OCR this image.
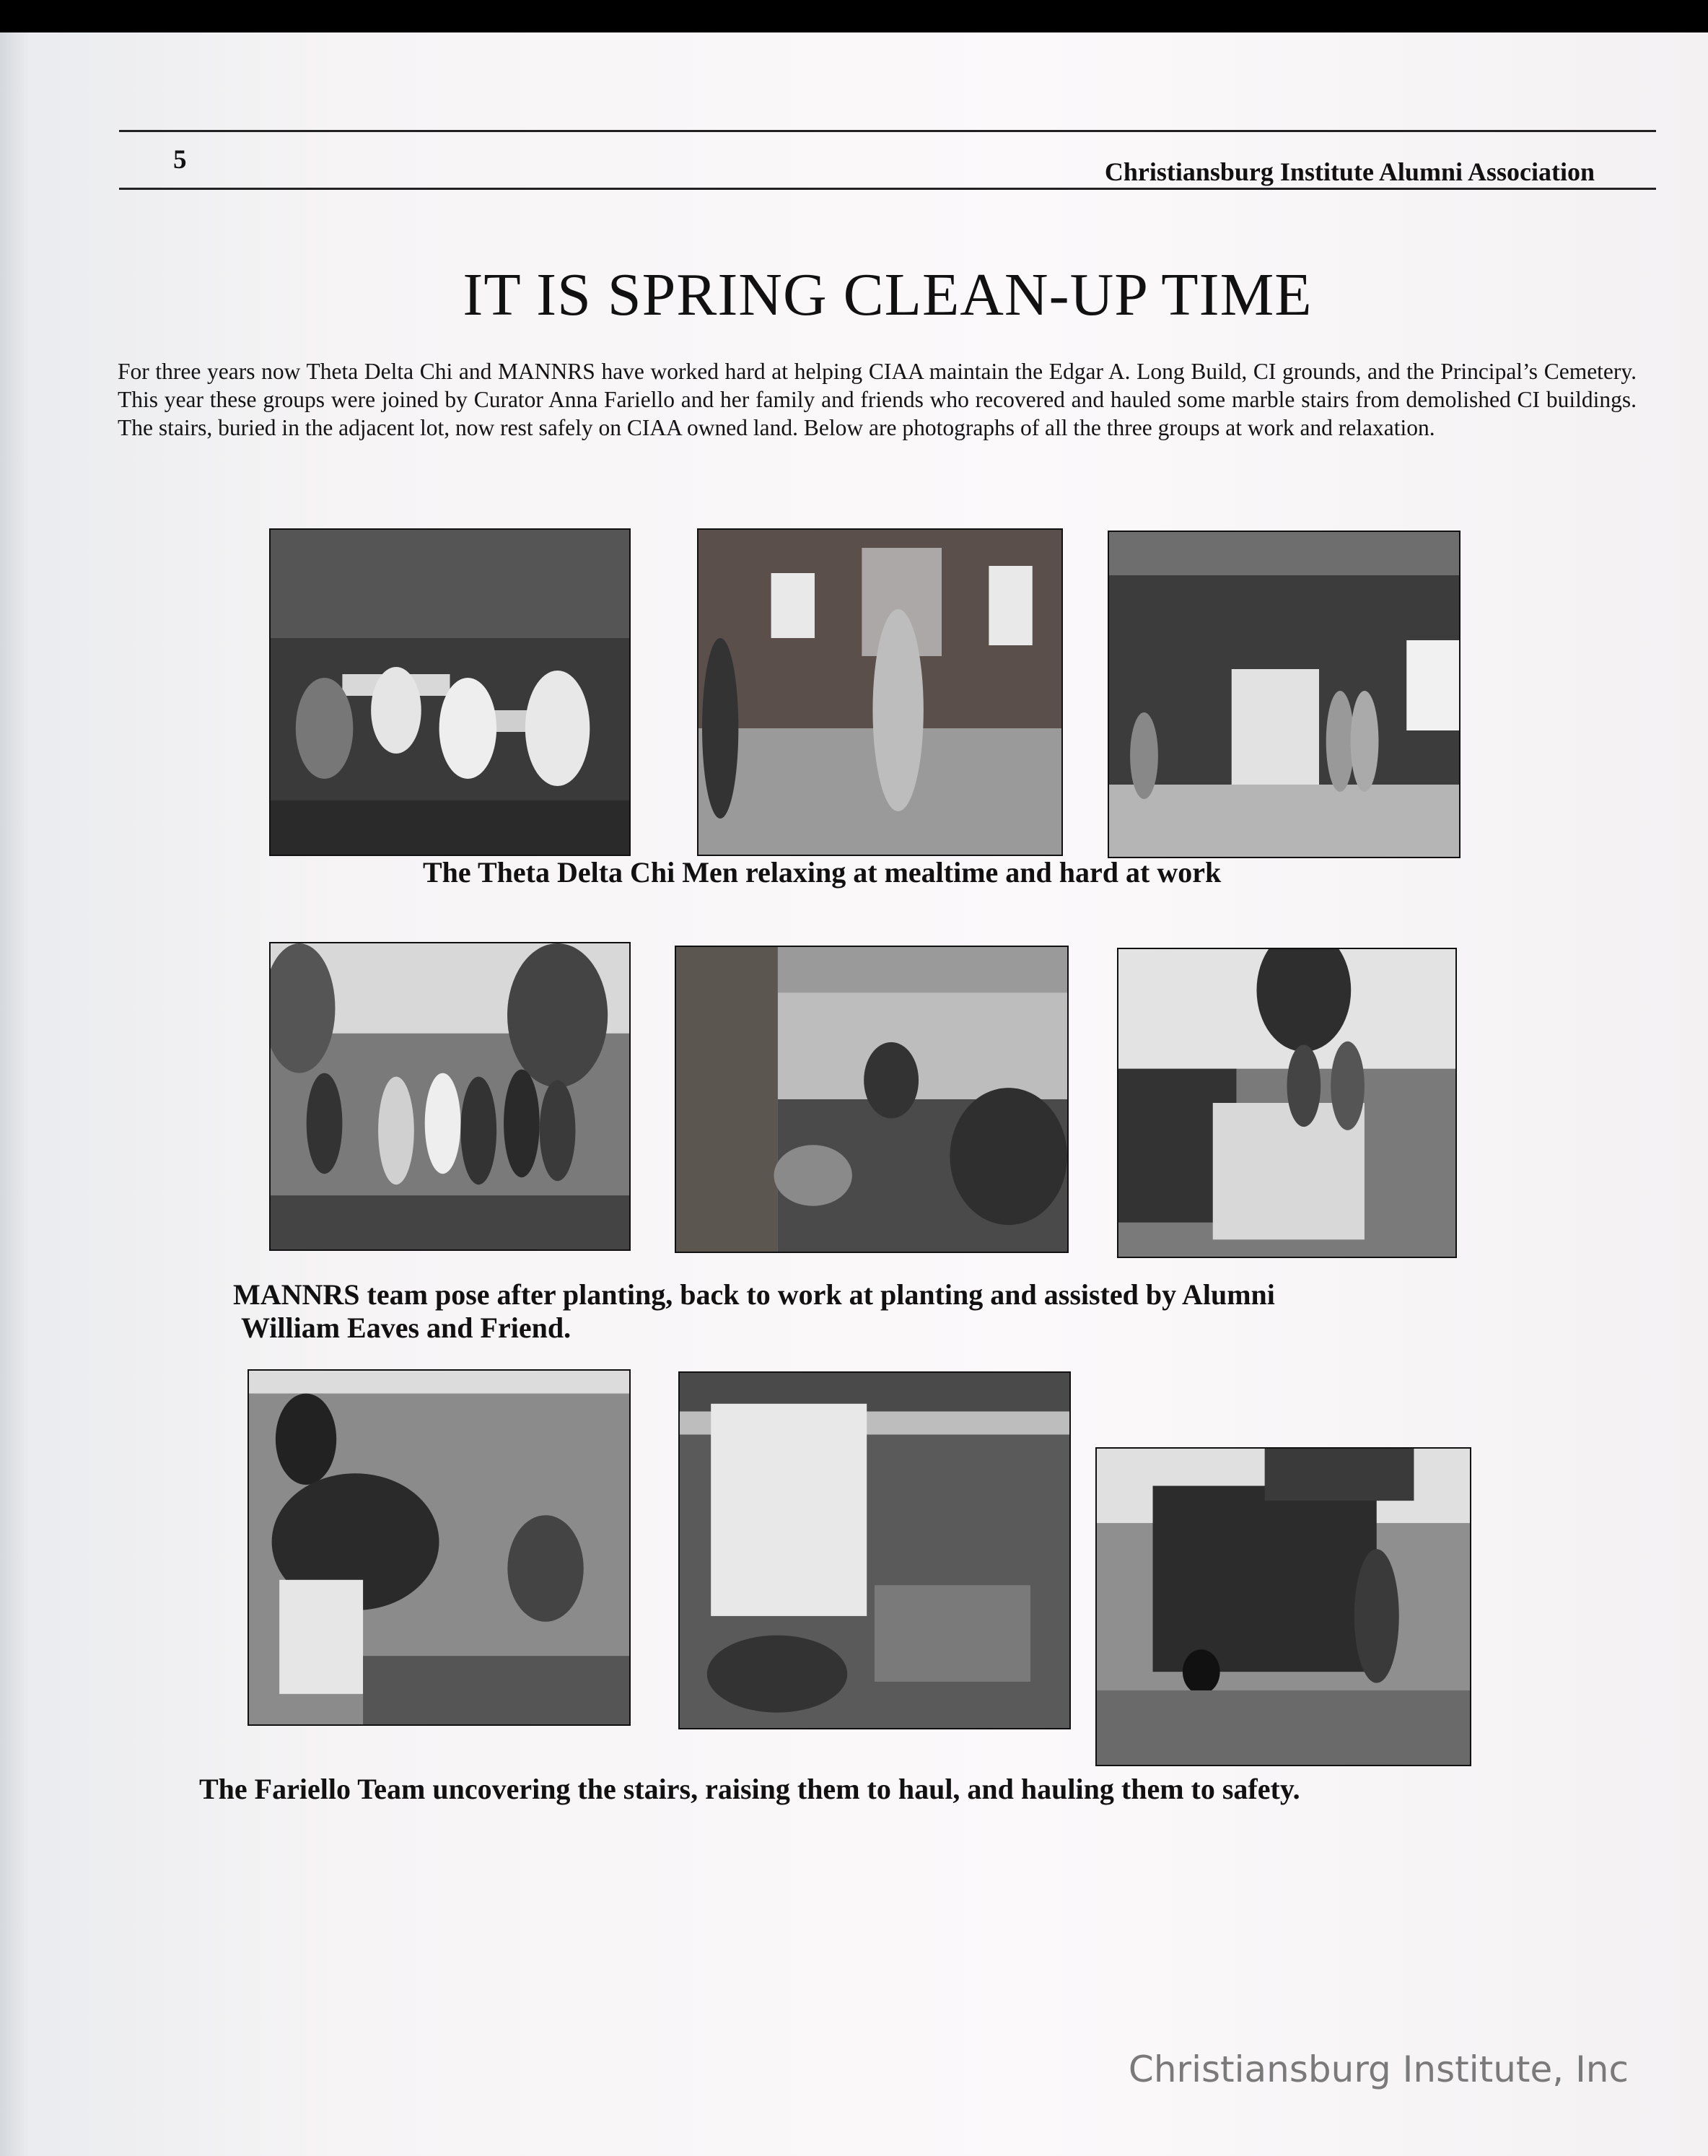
5	Christiansburg Institute Alumni Association
IT IS SPRING CLEAN-UP TIME
For three years now Theta Delta Chi and MANNRS have worked hard at helping CIAA maintain the Edgar A. Long Build, CI grounds, and the Principal’s Cemetery. This year these groups were joined by Curator Anna Fariello and her family and friends who recovered and hauled some marble stairs from demolished CI buildings. The stairs, buried in the adjacent lot, now rest safely on CIAA owned land. Below are photographs of all the three groups at work and relaxation.
The Theta Delta Chi Men relaxing at mealtime and hard at work
MANNRS team pose after planting, back to work at planting and assisted by Alumni
William Eaves and Friend.
The Fariello Team uncovering the stairs, raising them to haul, and hauling them to safety.
Christiansburg Institute, Inc
